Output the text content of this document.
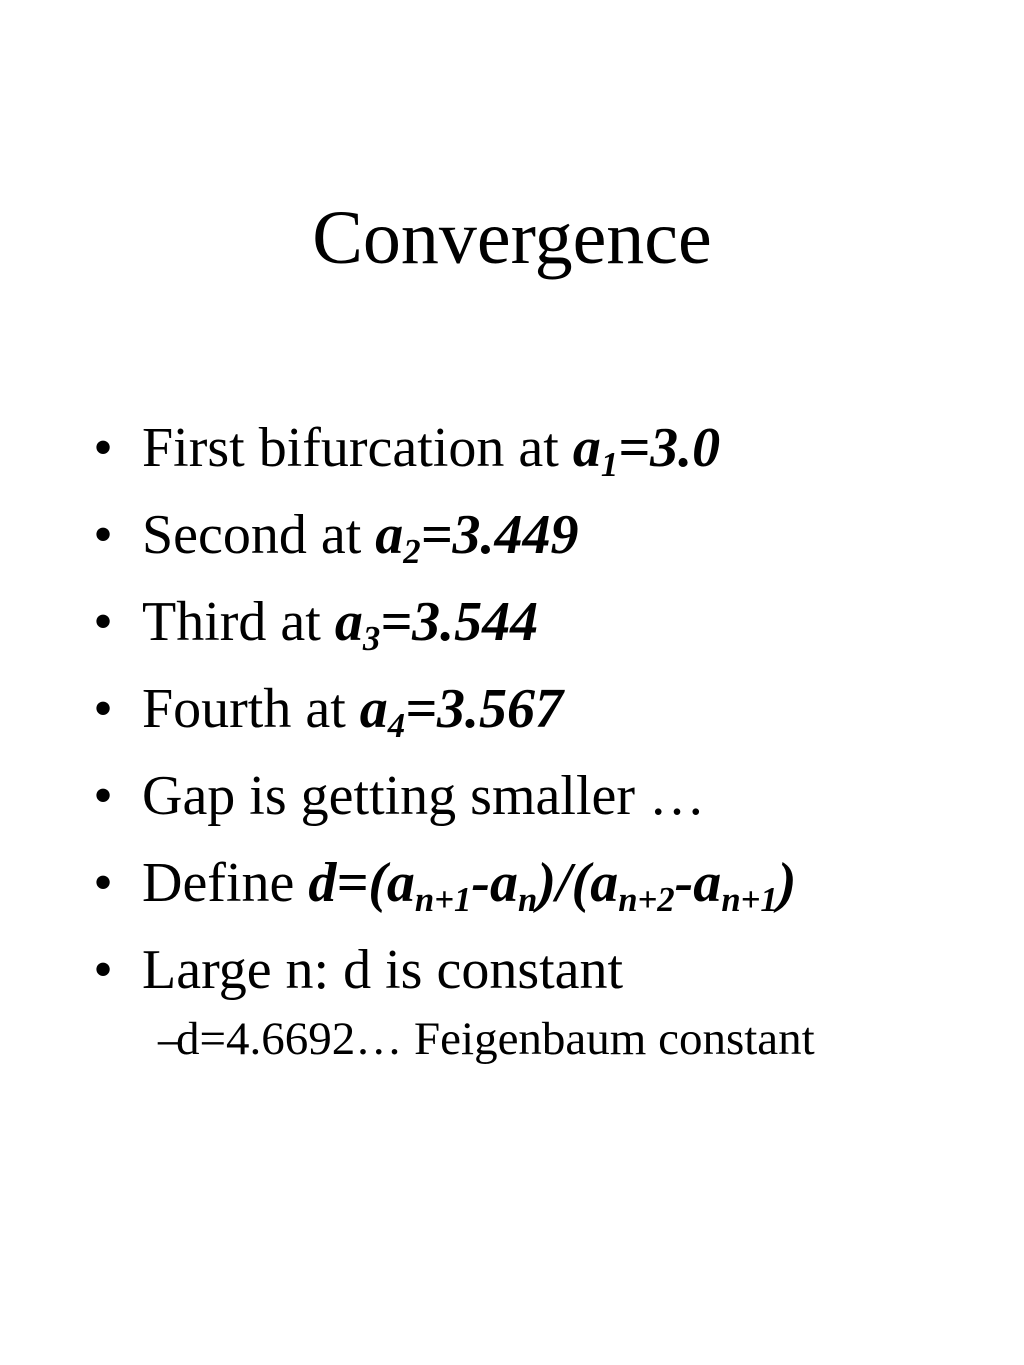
Convergence
• First bifurcation at $a_1=3.0$
• Second at $a_2=3.449$
• Third at $a_3=3.544$
• Fourth at $a_4=3.567$
• Gap is getting smaller …
• Define $d=(a_{n+1}-a_n)/(a_{n+2}-a_{n+1})$
• Large n: d is constant
–
d=4.6692… Feigenbaum constant
